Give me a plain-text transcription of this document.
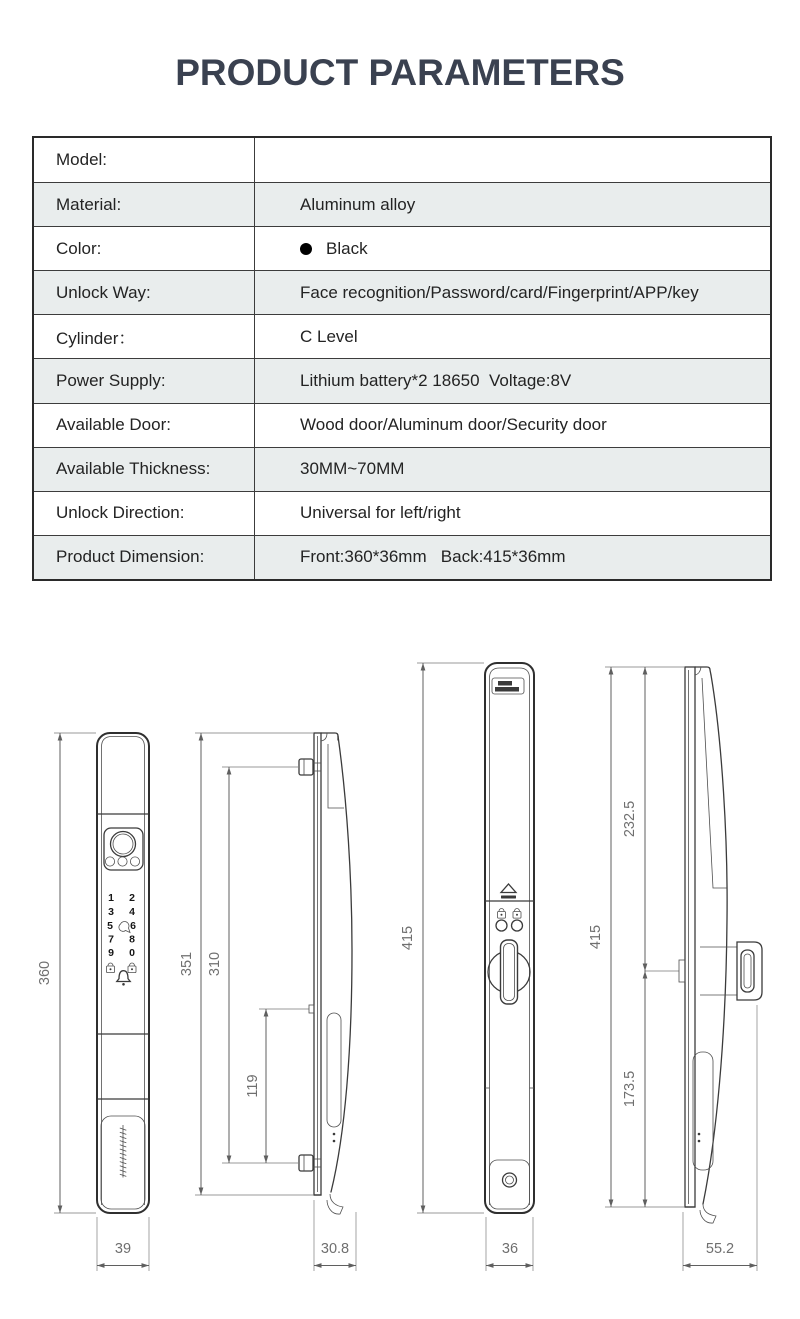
PRODUCT PARAMETERS
Model:
Material:	Aluminum alloy
Color:	Black
Unlock Way:	Face recognition/Password/card/Fingerprint/APP/key
Cylinder：	C Level
Power Supply:	Lithium battery*2 18650  Voltage:8V
Available Door:	Wood door/Aluminum door/Security door
Available Thickness:	30MM~70MM
Unlock Direction:	Universal for left/right
Product Dimension:	Front:360*36mm   Back:415*36mm
360
1 2
3 4
5 6
7 8
9 0
39
351 310
119
30.8
415
36
415
232.5
173.5
55.2
